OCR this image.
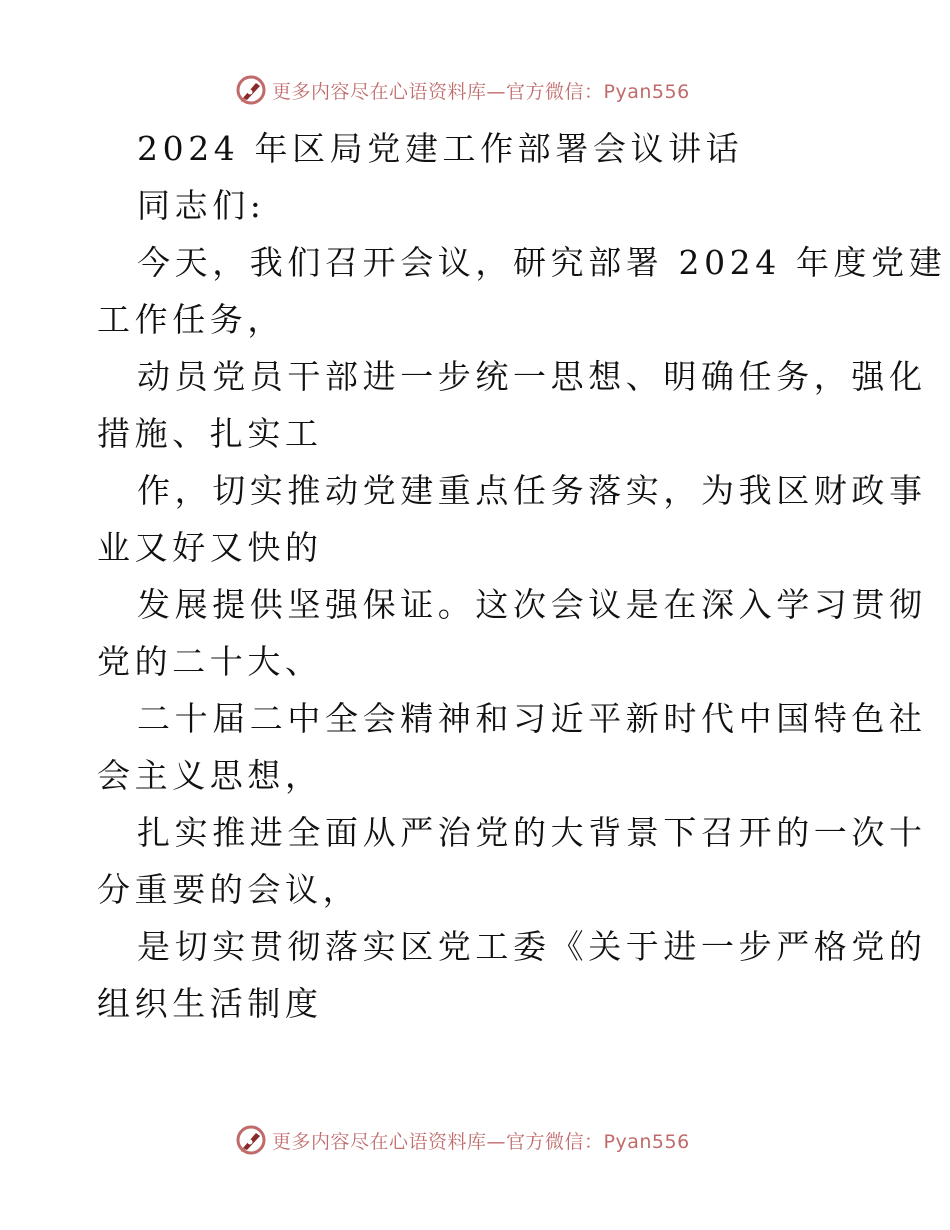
更多内容尽在心语资料库—官方微信：Pyan556
2024 年区局党建工作部署会议讲话
同志们:
今天，我们召开会议，研究部署 2024 年度党建
工作任务，
动员党员干部进一步统一思想、明确任务，强化
措施、扎实工
作，切实推动党建重点任务落实，为我区财政事
业又好又快的
发展提供坚强保证。这次会议是在深入学习贯彻
党的二十大、
二十届二中全会精神和习近平新时代中国特色社
会主义思想，
扎实推进全面从严治党的大背景下召开的一次十
分重要的会议，
是切实贯彻落实区党工委《关于进一步严格党的
组织生活制度
更多内容尽在心语资料库—官方微信：Pyan556
